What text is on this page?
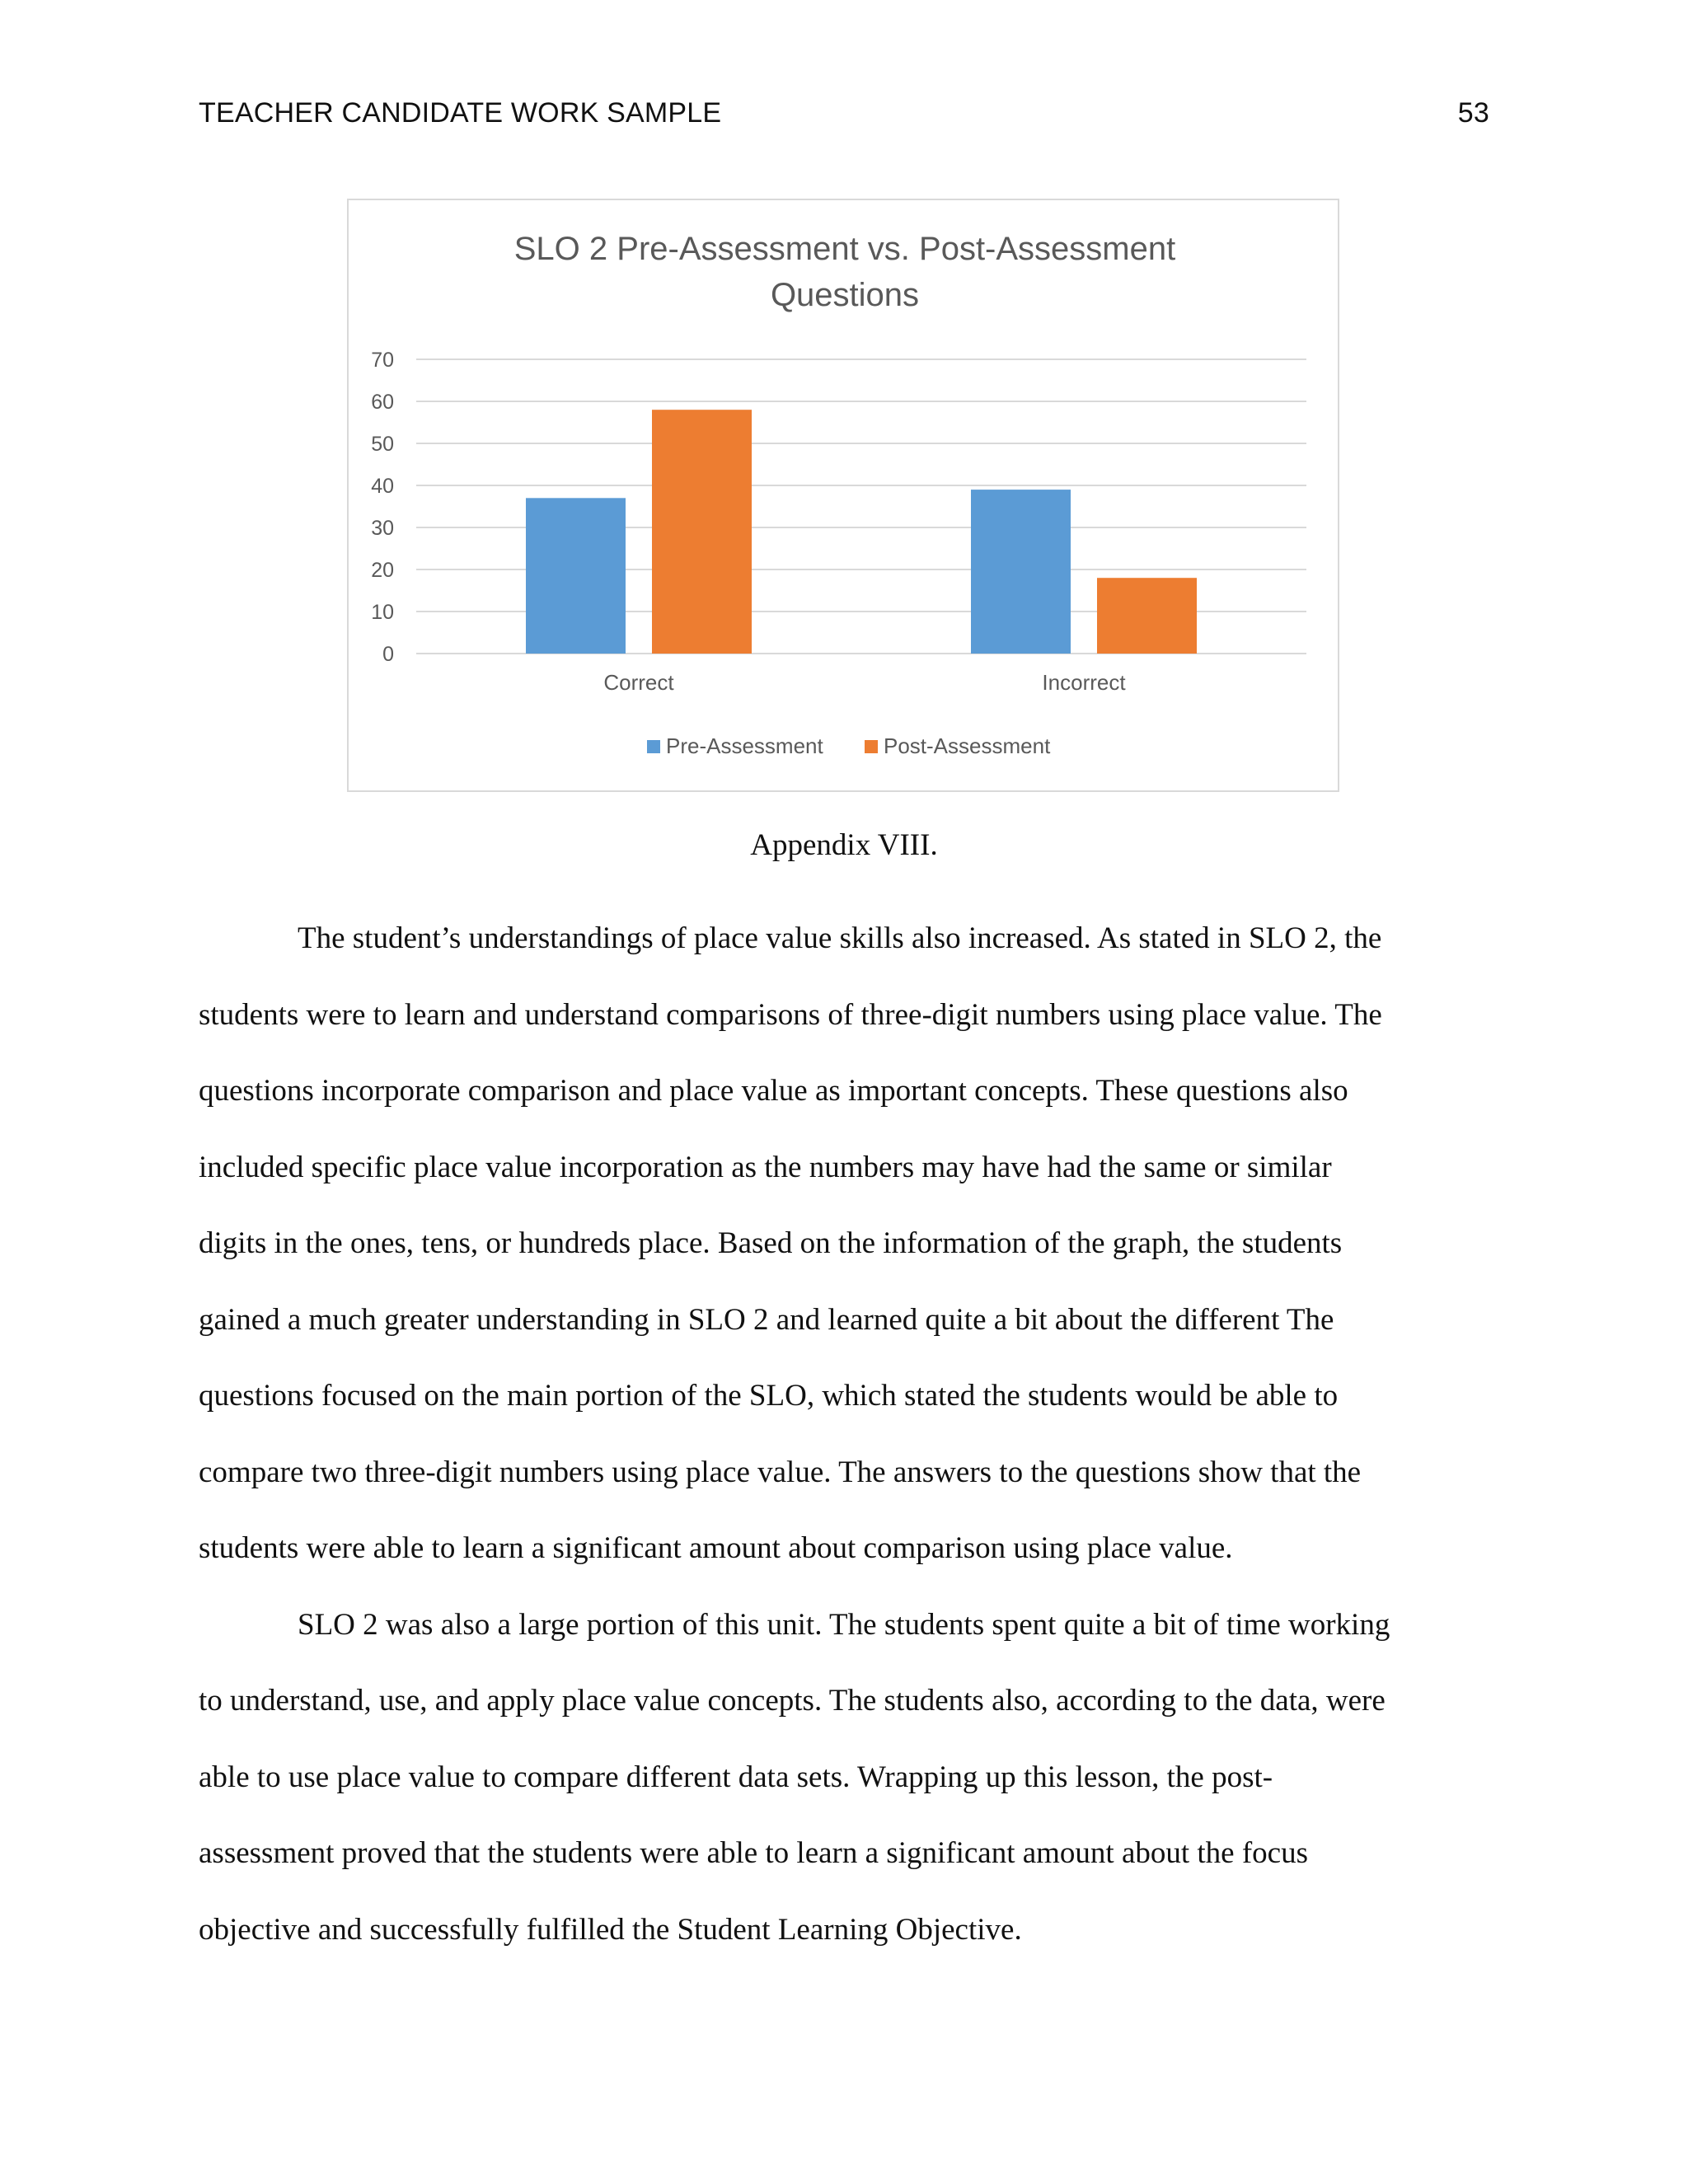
TEACHER CANDIDATE WORK SAMPLE	53
SLO 2 Pre-Assessment vs. Post-Assessment
Questions
0
10
20
30
40
50
60
70
Correct	Incorrect
Pre-Assessment	Post-Assessment
Appendix VIII.

The student’s understandings of place value skills also increased. As stated in SLO 2, the
students were to learn and understand comparisons of three-digit numbers using place value. The
questions incorporate comparison and place value as important concepts. These questions also
included specific place value incorporation as the numbers may have had the same or similar
digits in the ones, tens, or hundreds place. Based on the information of the graph, the students
gained a much greater understanding in SLO 2 and learned quite a bit about the different The
questions focused on the main portion of the SLO, which stated the students would be able to
compare two three-digit numbers using place value. The answers to the questions show that the
students were able to learn a significant amount about comparison using place value.

SLO 2 was also a large portion of this unit. The students spent quite a bit of time working
to understand, use, and apply place value concepts. The students also, according to the data, were
able to use place value to compare different data sets. Wrapping up this lesson, the post-
assessment proved that the students were able to learn a significant amount about the focus
objective and successfully fulfilled the Student Learning Objective.
